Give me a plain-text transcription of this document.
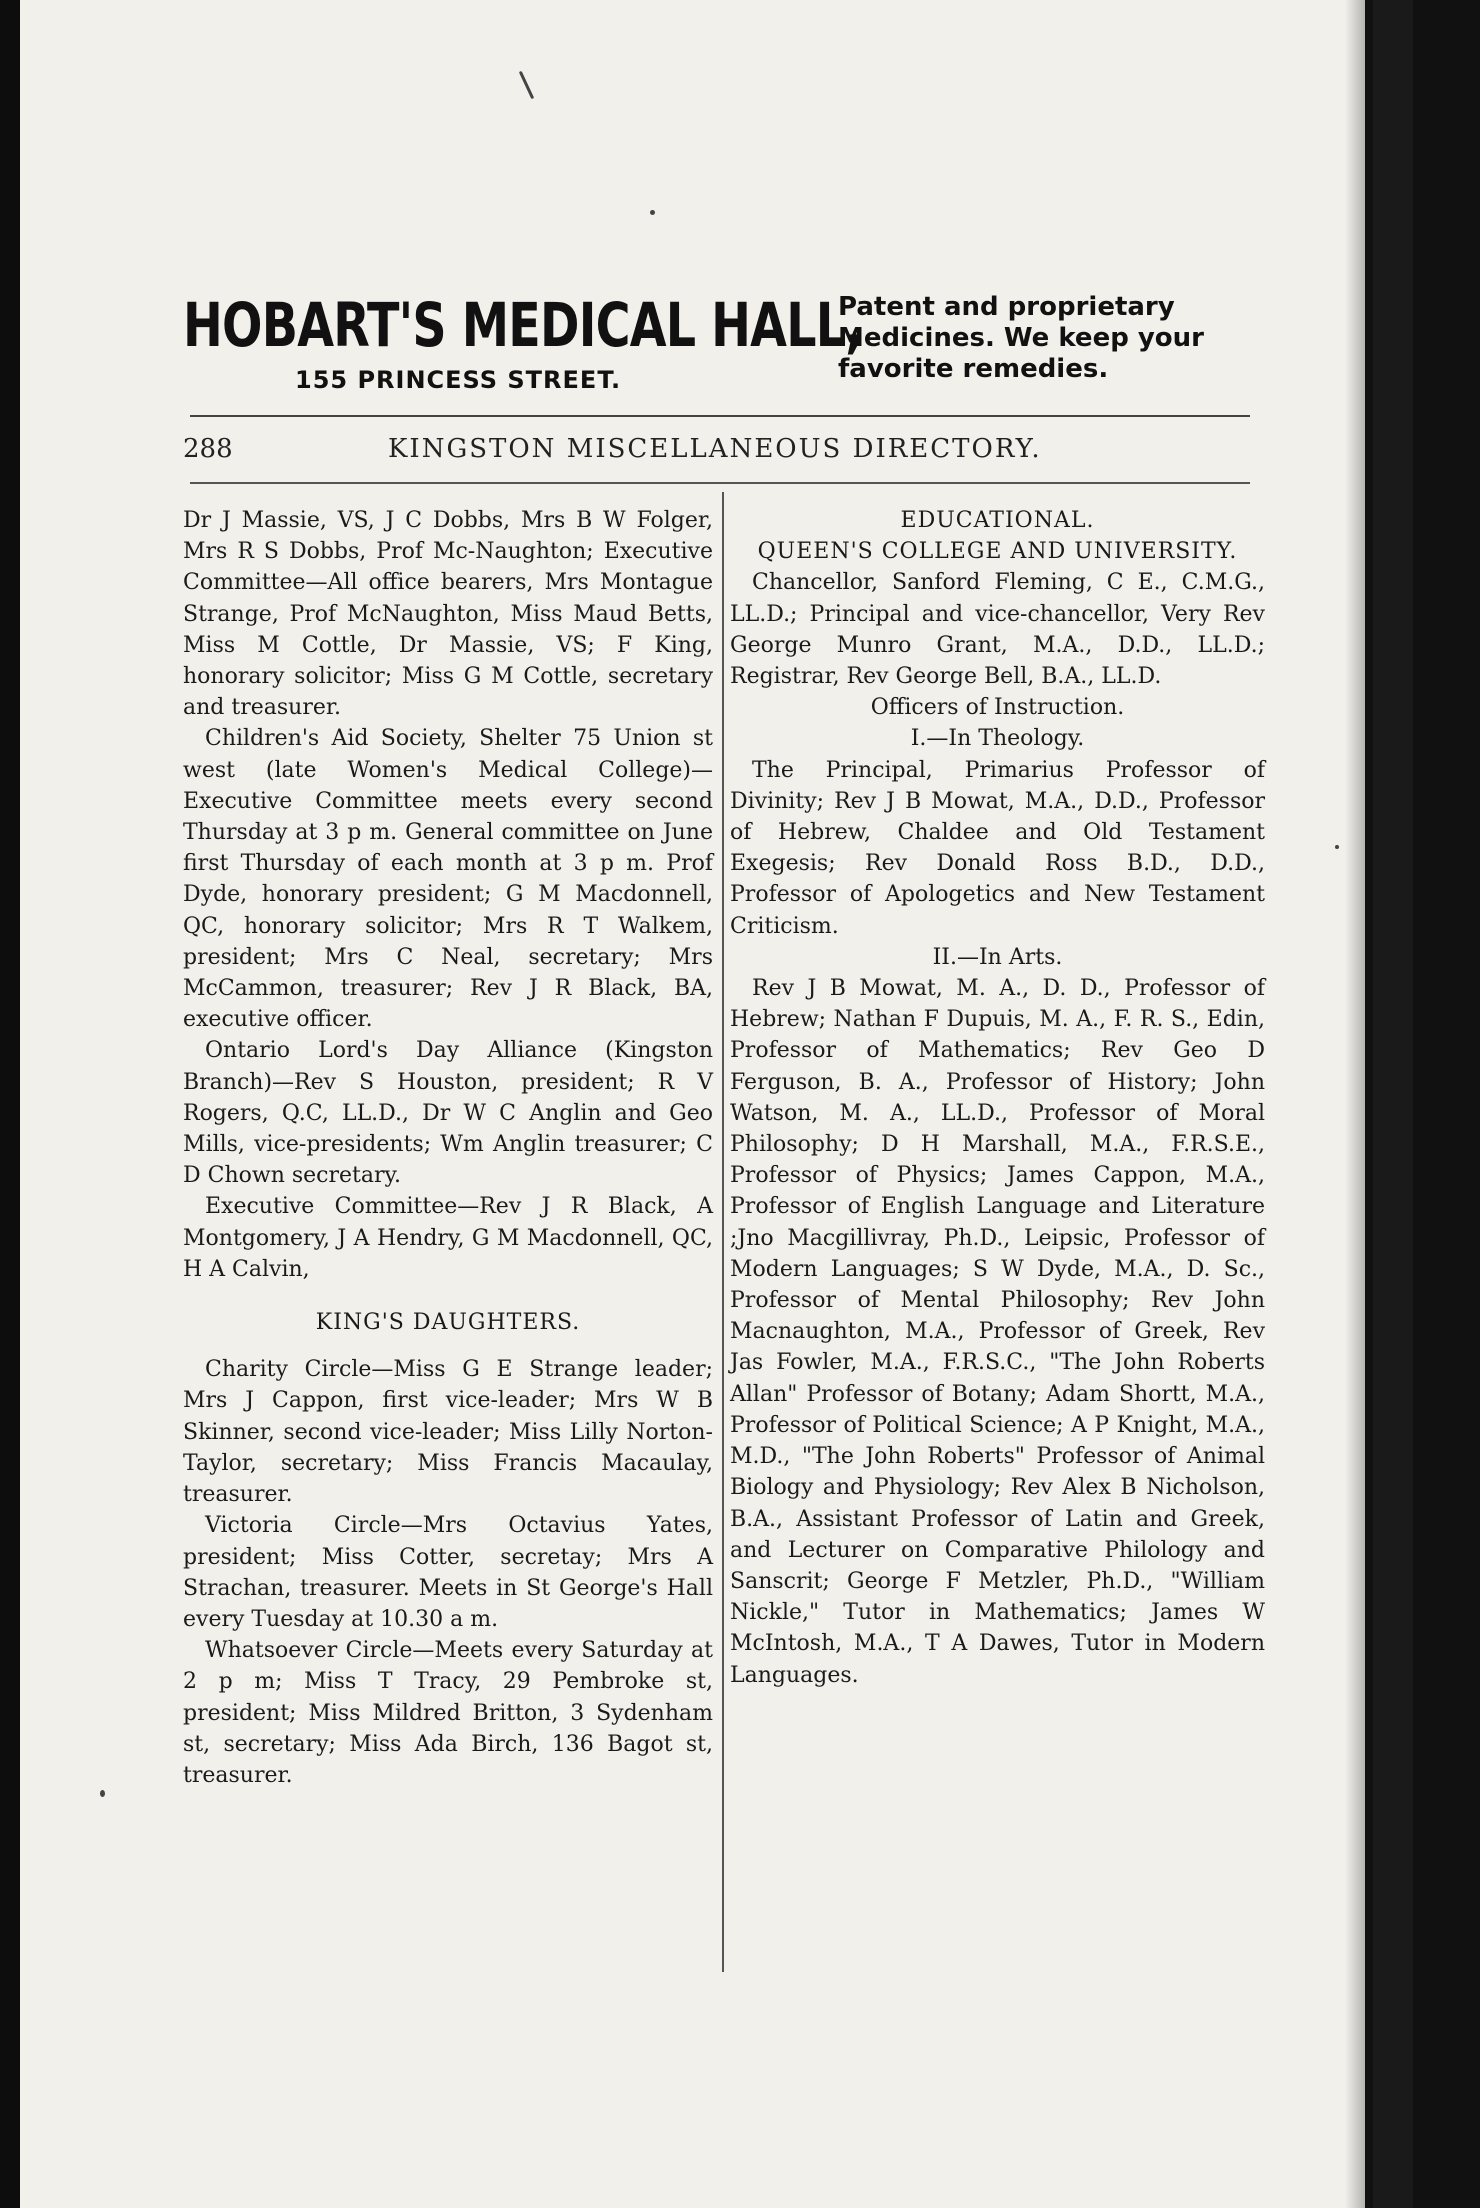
HOBART'S MEDICAL HALL,
155 PRINCESS STREET.
Patent and proprietary
Medicines. We keep your
favorite remedies.
288	KINGSTON MISCELLANEOUS DIRECTORY.

Dr J Massie, VS, J C Dobbs, Mrs B W Folger, Mrs R S Dobbs, Prof Mc-Naughton; Executive Committee—All office bearers, Mrs Montague Strange, Prof McNaughton, Miss Maud Betts, Miss M Cottle, Dr Massie, VS; F King, honorary solicitor; Miss G M Cottle, secretary and treasurer.

Children's Aid Society, Shelter 75 Union st west (late Women's Medical College)—Executive Committee meets every second Thursday at 3 p m. General committee on June first Thursday of each month at 3 p m. Prof Dyde, honorary president; G M Macdonnell, QC, honorary solicitor; Mrs R T Walkem, president; Mrs C Neal, secretary; Mrs McCammon, treasurer; Rev J R Black, BA, executive officer.

Ontario Lord's Day Alliance (Kingston Branch)—Rev S Houston, president; R V Rogers, Q.C, LL.D., Dr W C Anglin and Geo Mills, vice-presidents; Wm Anglin treasurer; C D Chown secretary.

Executive Committee—Rev J R Black, A Montgomery, J A Hendry, G M Macdonnell, QC, H A Calvin,

KING'S DAUGHTERS.

Charity Circle—Miss G E Strange leader; Mrs J Cappon, first vice-leader; Mrs W B Skinner, second vice-leader; Miss Lilly Norton-Taylor, secretary; Miss Francis Macaulay, treasurer.

Victoria Circle—Mrs Octavius Yates, president; Miss Cotter, secretay; Mrs A Strachan, treasurer. Meets in St George's Hall every Tuesday at 10.30 a m.

Whatsoever Circle—Meets every Saturday at 2 p m; Miss T Tracy, 29 Pembroke st, president; Miss Mildred Britton, 3 Sydenham st, secretary; Miss Ada Birch, 136 Bagot st, treasurer.

EDUCATIONAL.

QUEEN'S COLLEGE AND UNIVERSITY.

Chancellor, Sanford Fleming, C E., C.M.G., LL.D.; Principal and vice-chancellor, Very Rev George Munro Grant, M.A., D.D., LL.D.; Registrar, Rev George Bell, B.A., LL.D.

Officers of Instruction.

I.—In Theology.

The Principal, Primarius Professor of Divinity; Rev J B Mowat, M.A., D.D., Professor of Hebrew, Chaldee and Old Testament Exegesis; Rev Donald Ross B.D., D.D., Professor of Apologetics and New Testament Criticism.

II.—In Arts.

Rev J B Mowat, M. A., D. D., Professor of Hebrew; Nathan F Dupuis, M. A., F. R. S., Edin, Professor of Mathematics; Rev Geo D Ferguson, B. A., Professor of History; John Watson, M. A., LL.D., Professor of Moral Philosophy; D H Marshall, M.A., F.R.S.E., Professor of Physics; James Cappon, M.A., Professor of English Language and Literature ;Jno Macgillivray, Ph.D., Leipsic, Professor of Modern Languages; S W Dyde, M.A., D. Sc., Professor of Mental Philosophy; Rev John Macnaughton, M.A., Professor of Greek, Rev Jas Fowler, M.A., F.R.S.C., "The John Roberts Allan" Professor of Botany; Adam Shortt, M.A., Professor of Political Science; A P Knight, M.A., M.D., "The John Roberts" Professor of Animal Biology and Physiology; Rev Alex B Nicholson, B.A., Assistant Professor of Latin and Greek, and Lecturer on Comparative Philology and Sanscrit; George F Metzler, Ph.D., "William Nickle," Tutor in Mathematics; James W McIntosh, M.A., T A Dawes, Tutor in Modern Languages.
